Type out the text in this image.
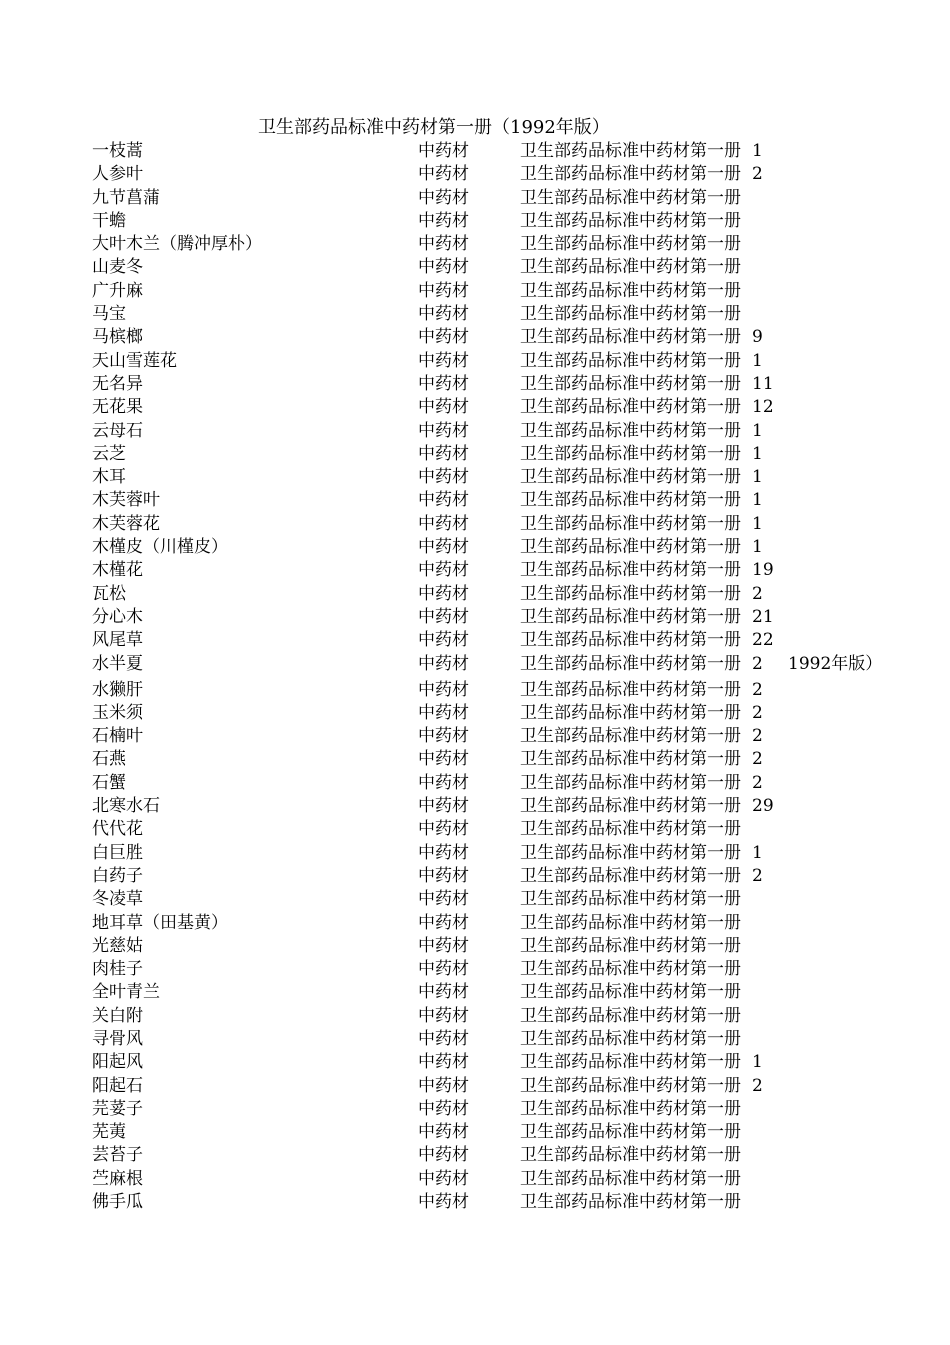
卫生部药品标准中药材第一册（1992年版）
一枝蒿	中药材	卫生部药品标准中药材第一册 1
人参叶	中药材	卫生部药品标准中药材第一册 2
九节菖蒲	中药材	卫生部药品标准中药材第一册
干蟾	中药材	卫生部药品标准中药材第一册
大叶木兰（腾冲厚朴）	中药材	卫生部药品标准中药材第一册
山麦冬	中药材	卫生部药品标准中药材第一册
广升麻	中药材	卫生部药品标准中药材第一册
马宝	中药材	卫生部药品标准中药材第一册
马槟榔	中药材	卫生部药品标准中药材第一册 9
天山雪莲花	中药材	卫生部药品标准中药材第一册 1
无名异	中药材	卫生部药品标准中药材第一册 11
无花果	中药材	卫生部药品标准中药材第一册 12
云母石	中药材	卫生部药品标准中药材第一册 1
云芝	中药材	卫生部药品标准中药材第一册 1
木耳	中药材	卫生部药品标准中药材第一册 1
木芙蓉叶	中药材	卫生部药品标准中药材第一册 1
木芙蓉花	中药材	卫生部药品标准中药材第一册 1
木槿皮（川槿皮）	中药材	卫生部药品标准中药材第一册 1
木槿花	中药材	卫生部药品标准中药材第一册 19
瓦松	中药材	卫生部药品标准中药材第一册 2
分心木	中药材	卫生部药品标准中药材第一册 21
风尾草	中药材	卫生部药品标准中药材第一册 22
水半夏	中药材	卫生部药品标准中药材第一册 2 1992年版）
水獭肝	中药材	卫生部药品标准中药材第一册 2
玉米须	中药材	卫生部药品标准中药材第一册 2
石楠叶	中药材	卫生部药品标准中药材第一册 2
石燕	中药材	卫生部药品标准中药材第一册 2
石蟹	中药材	卫生部药品标准中药材第一册 2
北寒水石	中药材	卫生部药品标准中药材第一册 29
代代花	中药材	卫生部药品标准中药材第一册
白巨胜	中药材	卫生部药品标准中药材第一册 1
白药子	中药材	卫生部药品标准中药材第一册 2
冬凌草	中药材	卫生部药品标准中药材第一册
地耳草（田基黄）	中药材	卫生部药品标准中药材第一册
光慈姑	中药材	卫生部药品标准中药材第一册
肉桂子	中药材	卫生部药品标准中药材第一册
全叶青兰	中药材	卫生部药品标准中药材第一册
关白附	中药材	卫生部药品标准中药材第一册
寻骨风	中药材	卫生部药品标准中药材第一册
阳起风	中药材	卫生部药品标准中药材第一册 1
阳起石	中药材	卫生部药品标准中药材第一册 2
芫荽子	中药材	卫生部药品标准中药材第一册
芜荑	中药材	卫生部药品标准中药材第一册
芸苔子	中药材	卫生部药品标准中药材第一册
苎麻根	中药材	卫生部药品标准中药材第一册
佛手瓜	中药材	卫生部药品标准中药材第一册
